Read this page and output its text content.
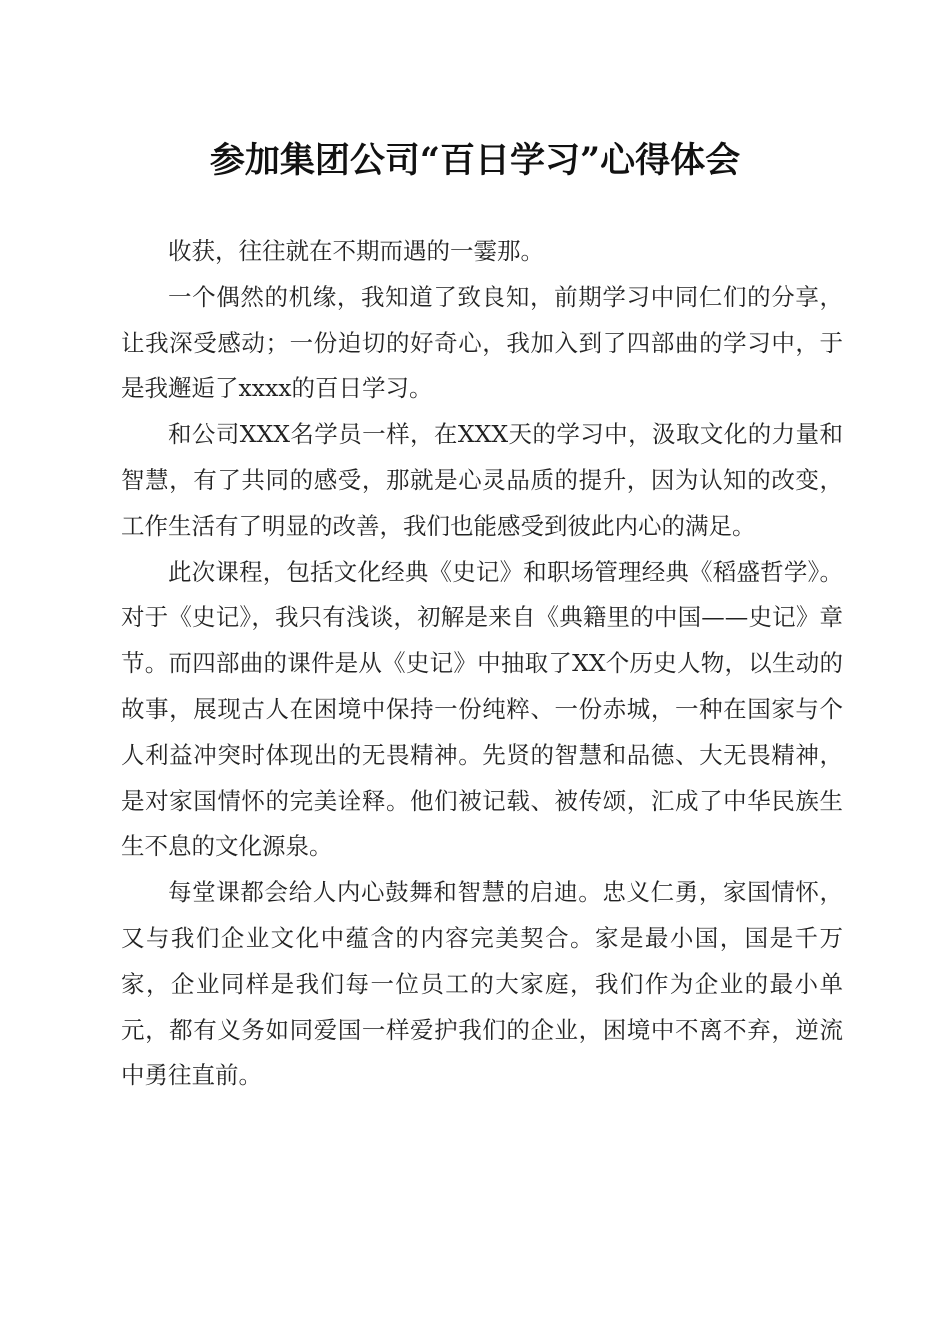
参加集团公司“百日学习”心得体会

收获，往往就在不期而遇的一霎那。

一个偶然的机缘，我知道了致良知，前期学习中同仁们的分享，让我深受感动；一份迫切的好奇心，我加入到了四部曲的学习中，于是我邂逅了xxxx的百日学习。

和公司XXX名学员一样，在XXX天的学习中，汲取文化的力量和智慧，有了共同的感受，那就是心灵品质的提升，因为认知的改变，工作生活有了明显的改善，我们也能感受到彼此内心的满足。

此次课程，包括文化经典《史记》和职场管理经典《稻盛哲学》。对于《史记》，我只有浅谈，初解是来自《典籍里的中国——史记》章节。而四部曲的课件是从《史记》中抽取了XX个历史人物，以生动的故事，展现古人在困境中保持一份纯粹、一份赤城，一种在国家与个人利益冲突时体现出的无畏精神。先贤的智慧和品德、大无畏精神，是对家国情怀的完美诠释。他们被记载、被传颂，汇成了中华民族生生不息的文化源泉。

每堂课都会给人内心鼓舞和智慧的启迪。忠义仁勇，家国情怀，又与我们企业文化中蕴含的内容完美契合。家是最小国，国是千万家，企业同样是我们每一位员工的大家庭，我们作为企业的最小单元，都有义务如同爱国一样爱护我们的企业，困境中不离不弃，逆流中勇往直前。
